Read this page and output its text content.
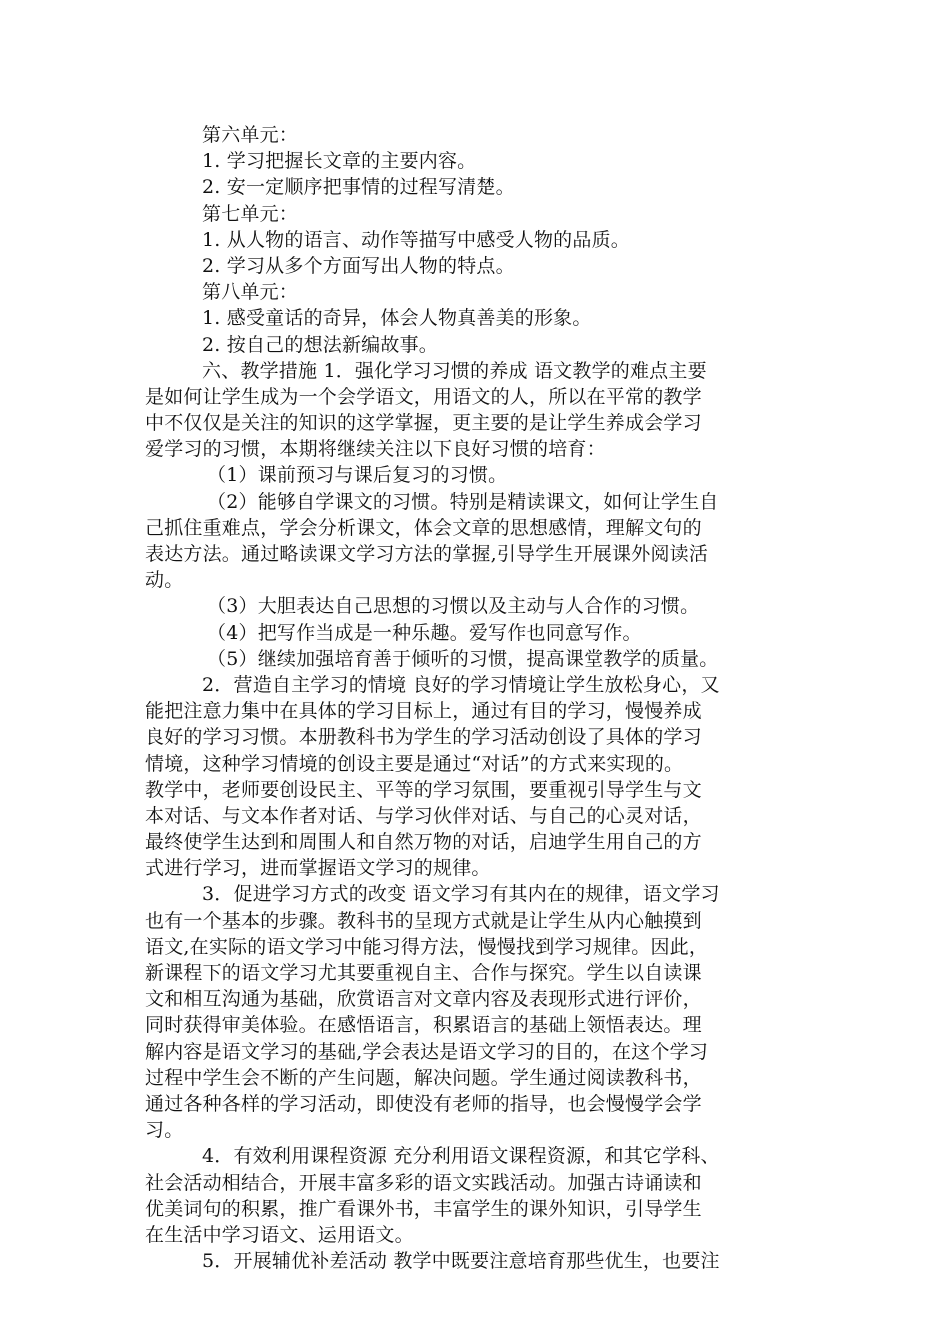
第六单元：
1. 学习把握长文章的主要内容。
2. 安一定顺序把事情的过程写清楚。
第七单元：
1. 从人物的语言、动作等描写中感受人物的品质。
2. 学习从多个方面写出人物的特点。
第八单元：
1. 感受童话的奇异，体会人物真善美的形象。
2. 按自己的想法新编故事。
六、教学措施 1．强化学习习惯的养成 语文教学的难点主要
是如何让学生成为一个会学语文，用语文的人，所以在平常的教学
中不仅仅是关注的知识的这学掌握，更主要的是让学生养成会学习
爱学习的习惯，本期将继续关注以下良好习惯的培育：
（1）课前预习与课后复习的习惯。
（2）能够自学课文的习惯。特别是精读课文，如何让学生自
己抓住重难点，学会分析课文，体会文章的思想感情，理解文句的
表达方法。通过略读课文学习方法的掌握,引导学生开展课外阅读活
动。
（3）大胆表达自己思想的习惯以及主动与人合作的习惯。
（4）把写作当成是一种乐趣。爱写作也同意写作。
（5）继续加强培育善于倾听的习惯，提高课堂教学的质量。
2．营造自主学习的情境 良好的学习情境让学生放松身心，又
能把注意力集中在具体的学习目标上，通过有目的学习，慢慢养成
良好的学习习惯。本册教科书为学生的学习活动创设了具体的学习
情境，这种学习情境的创设主要是通过“对话”的方式来实现的。
教学中，老师要创设民主、平等的学习氛围，要重视引导学生与文
本对话、与文本作者对话、与学习伙伴对话、与自己的心灵对话，
最终使学生达到和周围人和自然万物的对话，启迪学生用自己的方
式进行学习，进而掌握语文学习的规律。
3．促进学习方式的改变 语文学习有其内在的规律，语文学习
也有一个基本的步骤。教科书的呈现方式就是让学生从内心触摸到
语文,在实际的语文学习中能习得方法，慢慢找到学习规律。因此，
新课程下的语文学习尤其要重视自主、合作与探究。学生以自读课
文和相互沟通为基础，欣赏语言对文章内容及表现形式进行评价，
同时获得审美体验。在感悟语言，积累语言的基础上领悟表达。理
解内容是语文学习的基础,学会表达是语文学习的目的，在这个学习
过程中学生会不断的产生问题，解决问题。学生通过阅读教科书，
通过各种各样的学习活动，即使没有老师的指导，也会慢慢学会学
习。
4．有效利用课程资源 充分利用语文课程资源，和其它学科、
社会活动相结合，开展丰富多彩的语文实践活动。加强古诗诵读和
优美词句的积累，推广看课外书，丰富学生的课外知识，引导学生
在生活中学习语文、运用语文。
5．开展辅优补差活动 教学中既要注意培育那些优生，也要注
